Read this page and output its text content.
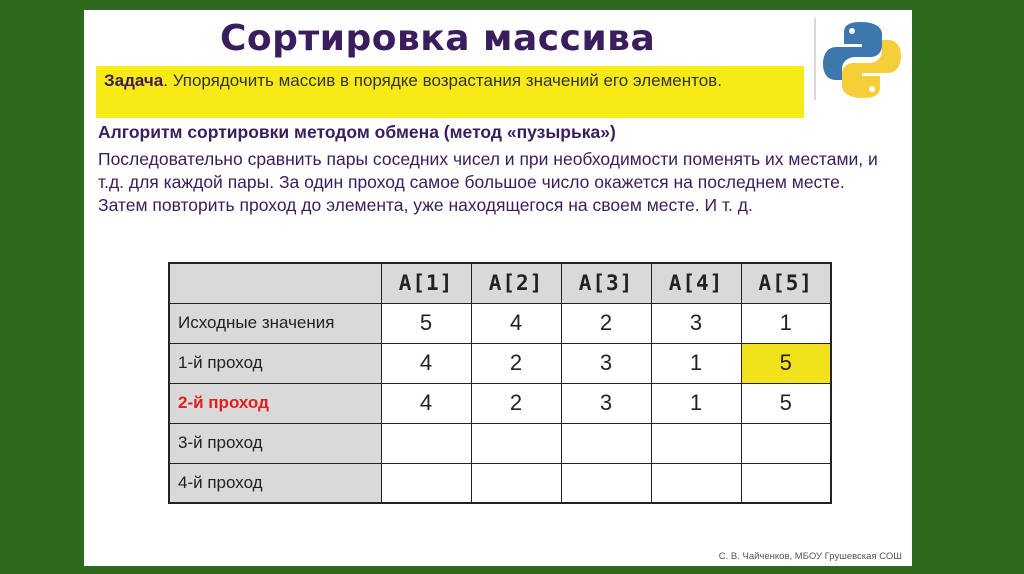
Сортировка массива
Задача. Упорядочить массив в порядке возрастания значений его элементов.
Алгоритм сортировки методом обмена (метод «пузырька»)
Последовательно сравнить пары соседних чисел и при необходимости поменять их местами, и т.д. для каждой пары. За один проход самое большое число окажется на последнем месте. Затем повторить проход до элемента, уже находящегося на своем месте. И т. д.
	A[1]	A[2]	A[3]	A[4]	A[5]
Исходные значения	5	4	2	3	1
1-й проход	4	2	3	1	5
2-й проход	4	2	3	1	5
3-й проход					
4-й проход					
С. В. Чайченков, МБОУ Грушевская СОШ
